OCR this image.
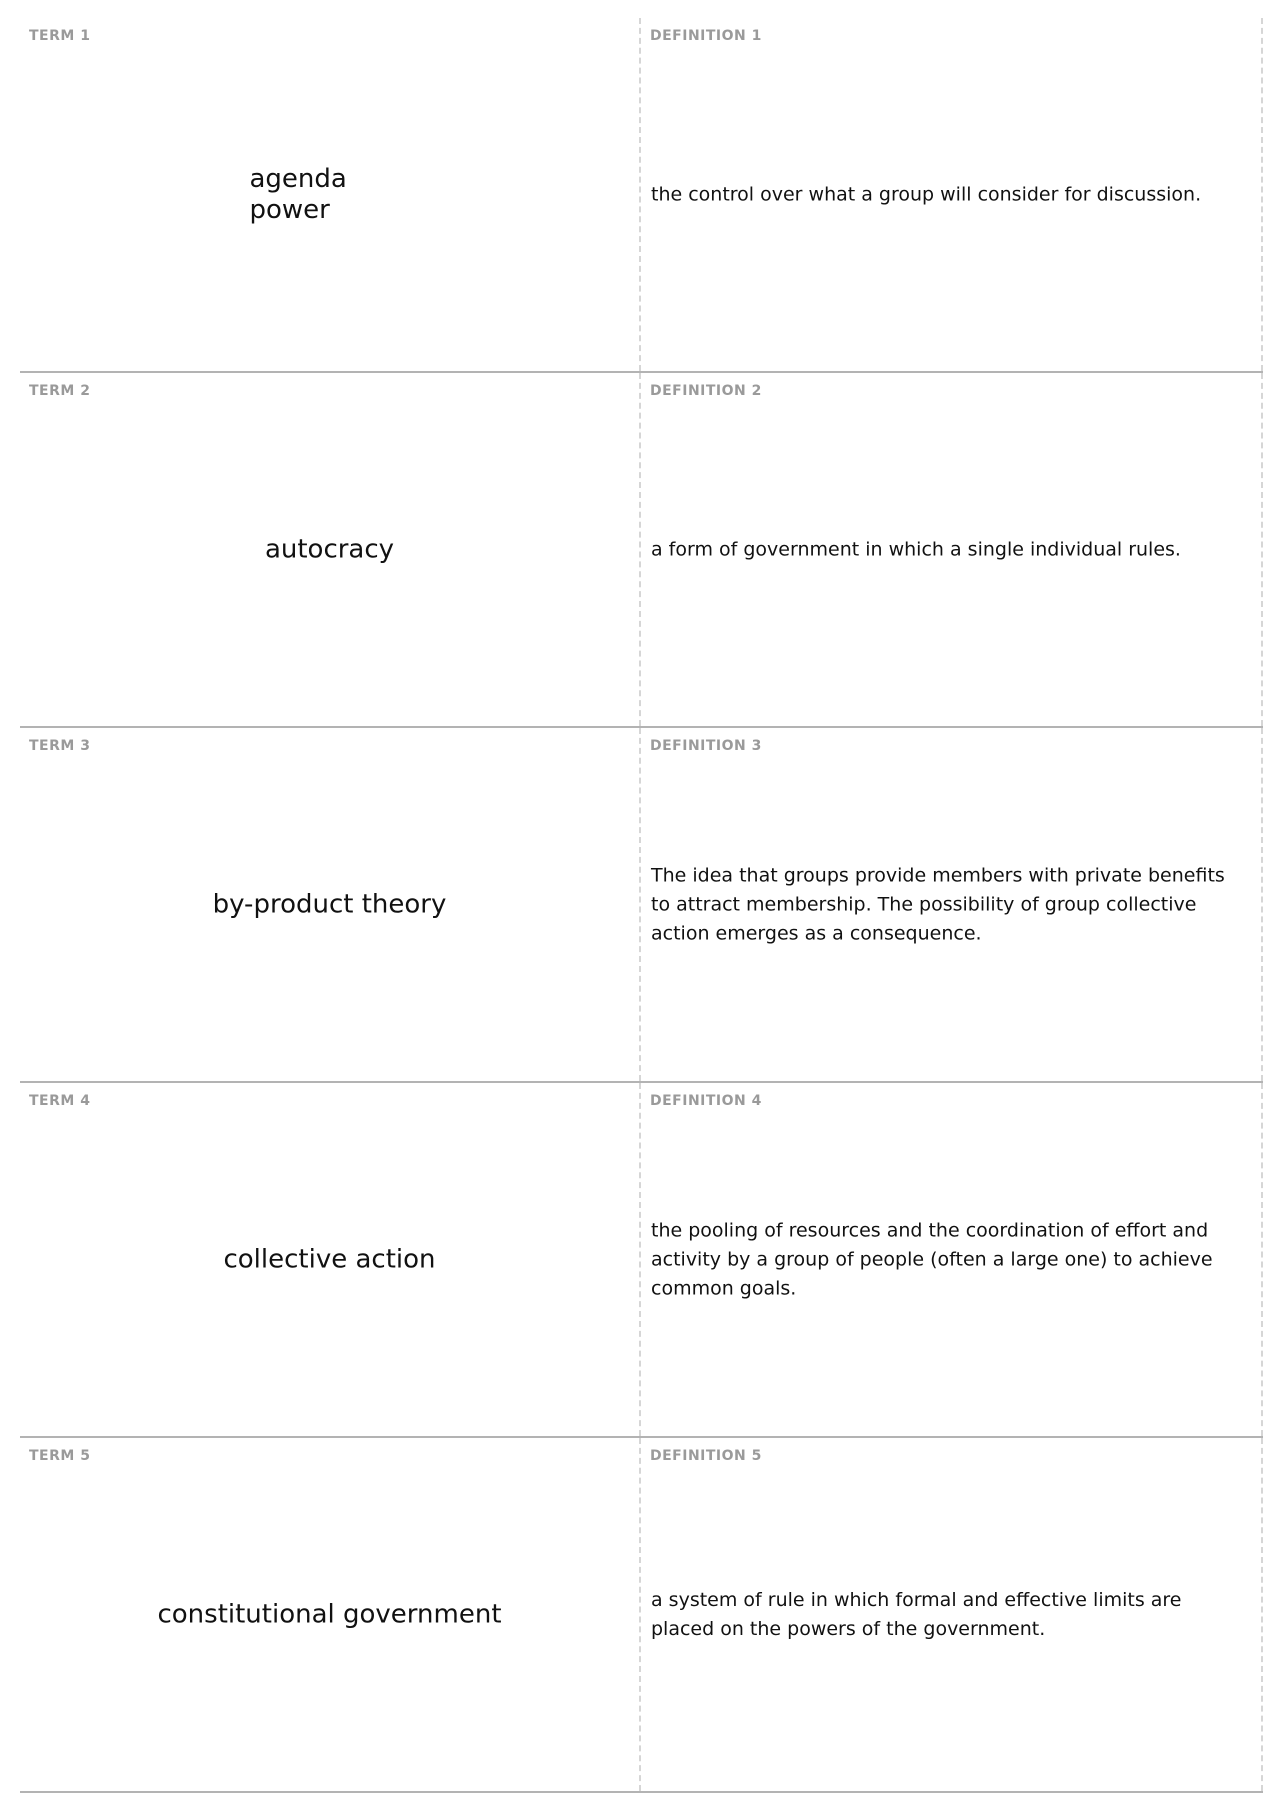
TERM 1
agenda power
DEFINITION 1
the control over what a group will consider for discussion.
TERM 2
autocracy
DEFINITION 2
a form of government in which a single individual rules.
TERM 3
by-product theory
DEFINITION 3
The idea that groups provide members with private benefits to attract membership. The possibility of group collective action emerges as a consequence.
TERM 4
collective action
DEFINITION 4
the pooling of resources and the coordination of effort and activity by a group of people (often a large one) to achieve common goals.
TERM 5
constitutional government
DEFINITION 5
a system of rule in which formal and effective limits are placed on the powers of the government.
